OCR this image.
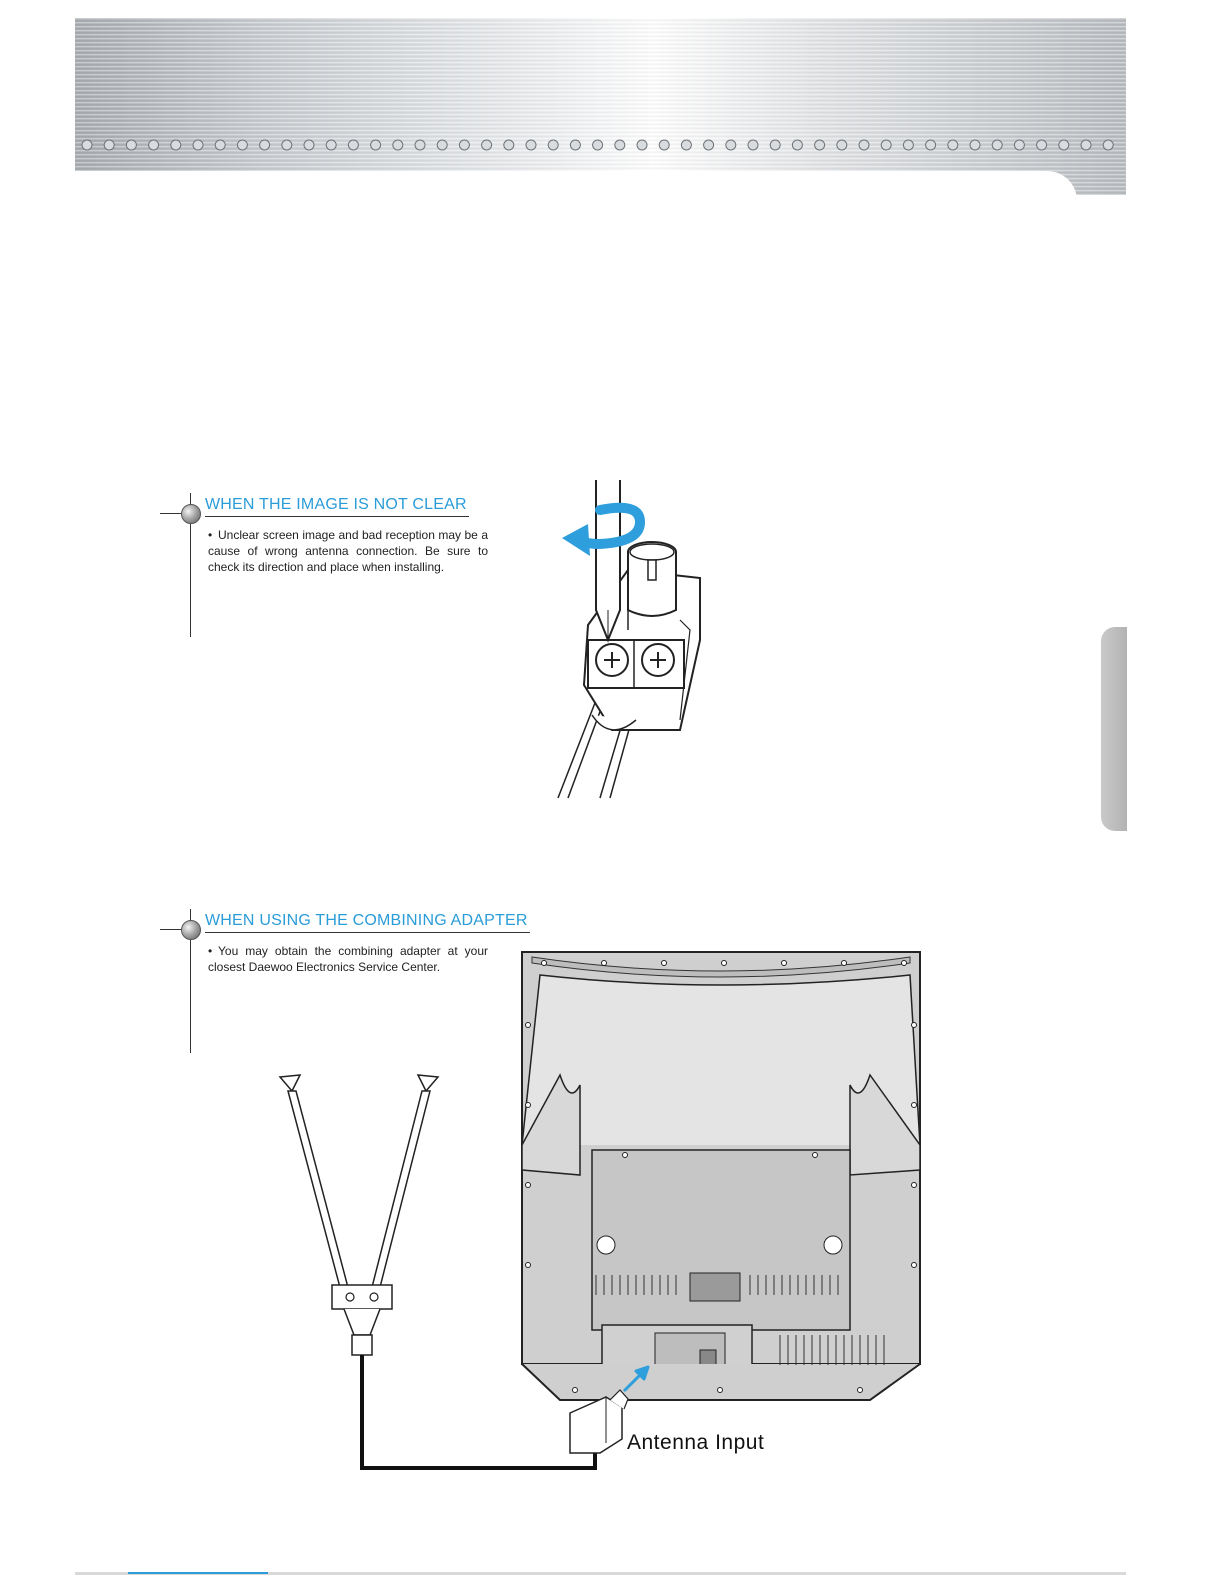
WHEN THE IMAGE IS NOT CLEAR

• Unclear screen image and bad reception may be a cause of wrong antenna connection. Be sure to check its direction and place when installing.

WHEN USING THE COMBINING ADAPTER

• You may obtain the combining adapter at your closest Daewoo Electronics Service Center.

Antenna Input
